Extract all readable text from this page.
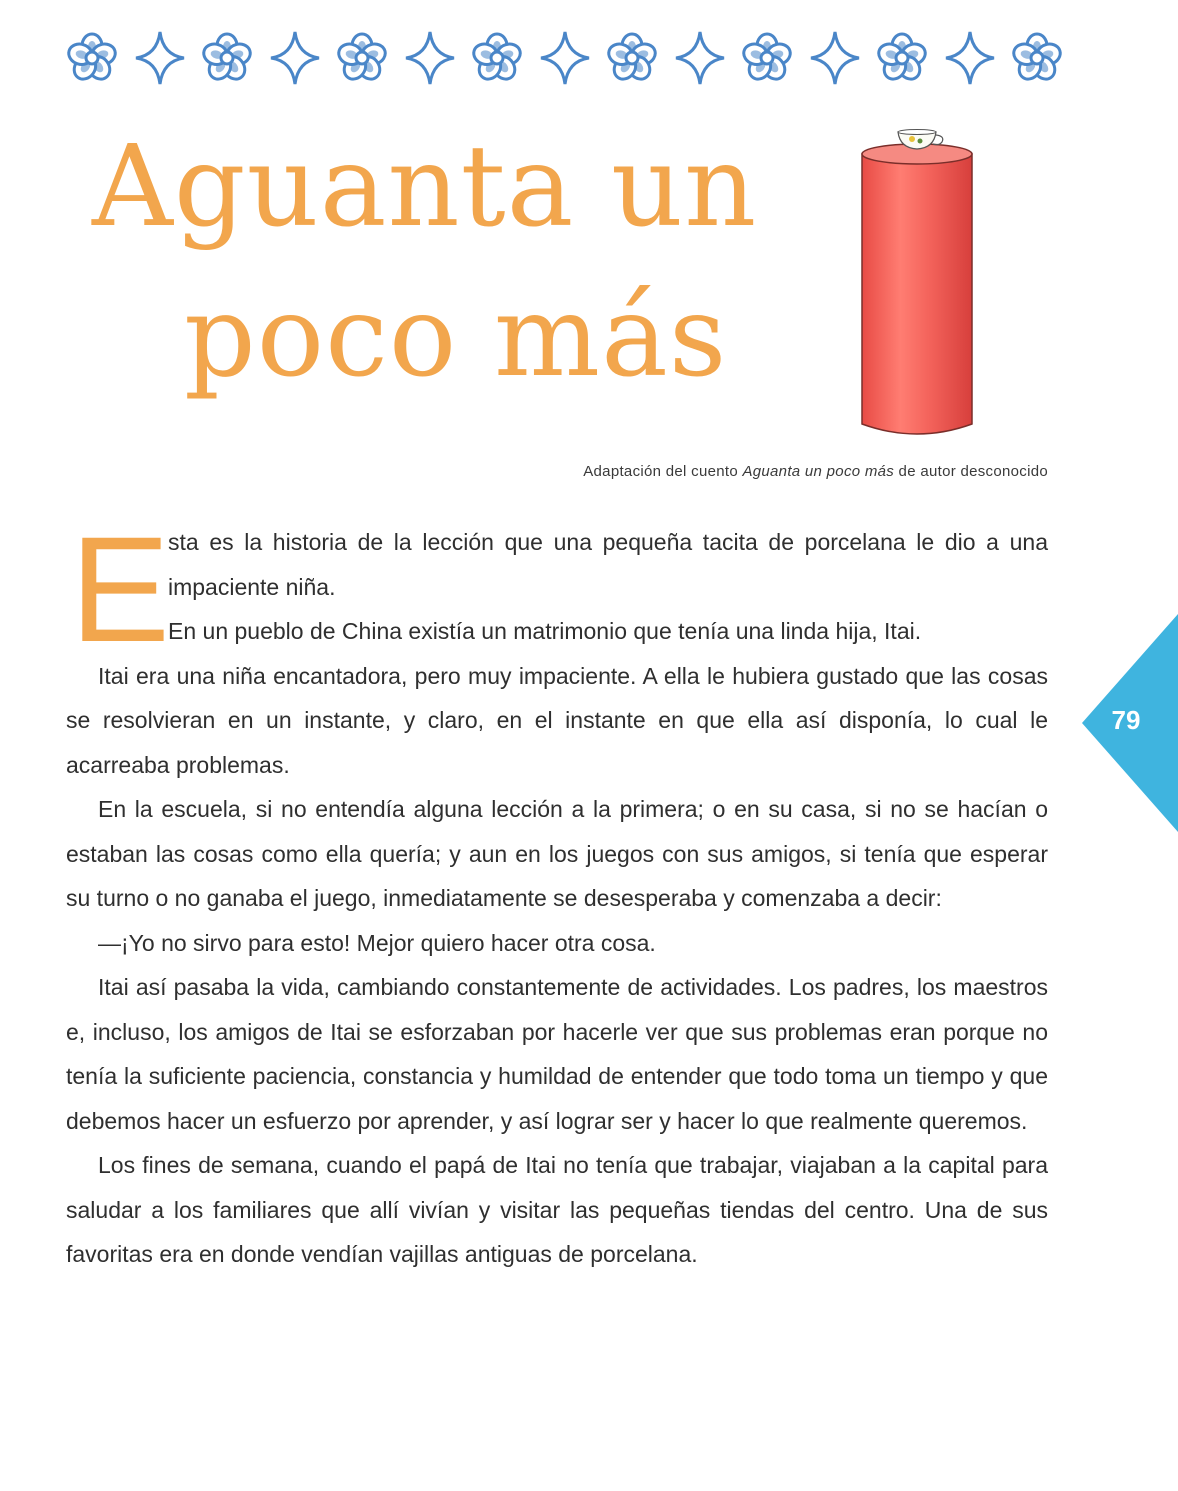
Aguanta un
poco más
Adaptación del cuento Aguanta un poco más de autor desconocido
E

sta es la historia de la lección que una pequeña tacita de porcelana le dio a una impaciente niña.

En un pueblo de China existía un matrimonio que tenía una linda hija, Itai.

Itai era una niña encantadora, pero muy impaciente. A ella le hubiera gustado que las cosas se resolvieran en un instante, y claro, en el instante en que ella así disponía, lo cual le acarreaba problemas.

En la escuela, si no entendía alguna lección a la primera; o en su casa, si no se hacían o estaban las cosas como ella quería; y aun en los juegos con sus amigos, si tenía que esperar su turno o no ganaba el juego, inmediatamente se desesperaba y comenzaba a decir:

—¡Yo no sirvo para esto! Mejor quiero hacer otra cosa.

Itai así pasaba la vida, cambiando constantemente de actividades. Los padres, los maestros e, incluso, los amigos de Itai se esforzaban por hacerle ver que sus problemas eran porque no tenía la suficiente paciencia, constancia y humildad de entender que todo toma un tiempo y que debemos hacer un esfuerzo por aprender, y así lograr ser y hacer lo que realmente queremos.

Los fines de semana, cuando el papá de Itai no tenía que trabajar, viajaban a la capital para saludar a los familiares que allí vivían y visitar las pequeñas tiendas del centro. Una de sus favoritas era en donde vendían vajillas antiguas de porcelana.

79
